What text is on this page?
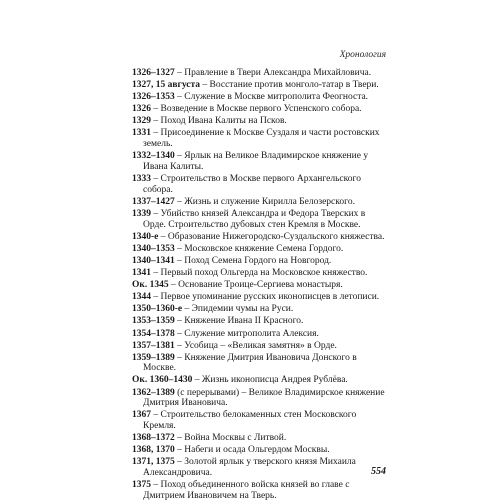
Хронология

1326–1327 – Правление в Твери Александра Михайловича.

1327, 15 августа – Восстание против монголо-татар в Твери.

1326–1353 – Служение в Москве митрополита Феогноста.

1326 – Возведение в Москве первого Успенского собора.

1329 – Поход Ивана Калиты на Псков.

1331 – Присоединение к Москве Суздаля и части ростовских земель.

1332–1340 – Ярлык на Великое Владимирское княжение у Ивана Калиты.

1333 – Строительство в Москве первого Архангельского собора.

1337–1427 – Жизнь и служение Кирилла Белозерского.

1339 – Убийство князей Александра и Федора Тверских в Орде. Строительство дубовых стен Кремля в Москве.

1340-е – Образование Нижегородско-Суздальского княжества.

1340–1353 – Московское княжение Семена Гордого.

1340–1341 – Поход Семена Гордого на Новгород.

1341 – Первый поход Ольгерда на Московское княжество.

Ок. 1345 – Основание Троице-Сергиева монастыря.

1344 – Первое упоминание русских иконописцев в летописи.

1350–1360-е – Эпидемии чумы на Руси.

1353–1359 – Княжение Ивана II Красного.

1354–1378 – Служение митрополита Алексия.

1357–1381 – Усобица – «Великая замятня» в Орде.

1359–1389 – Княжение Дмитрия Ивановича Донского в Москве.

Ок. 1360–1430 – Жизнь иконописца Андрея Рублёва.

1362–1389 (с перерывами) – Великое Владимирское княжение Дмитрия Ивановича.

1367 – Строительство белокаменных стен Московского Кремля.

1368–1372 – Война Москвы с Литвой.

1368, 1370 – Набеги и осада Ольгердом Москвы.

1371, 1375 – Золотой ярлык у тверского князя Михаила Александровича.

1375 – Поход объединенного войска князей во главе с Дмитрием Ивановичем на Тверь.

554
